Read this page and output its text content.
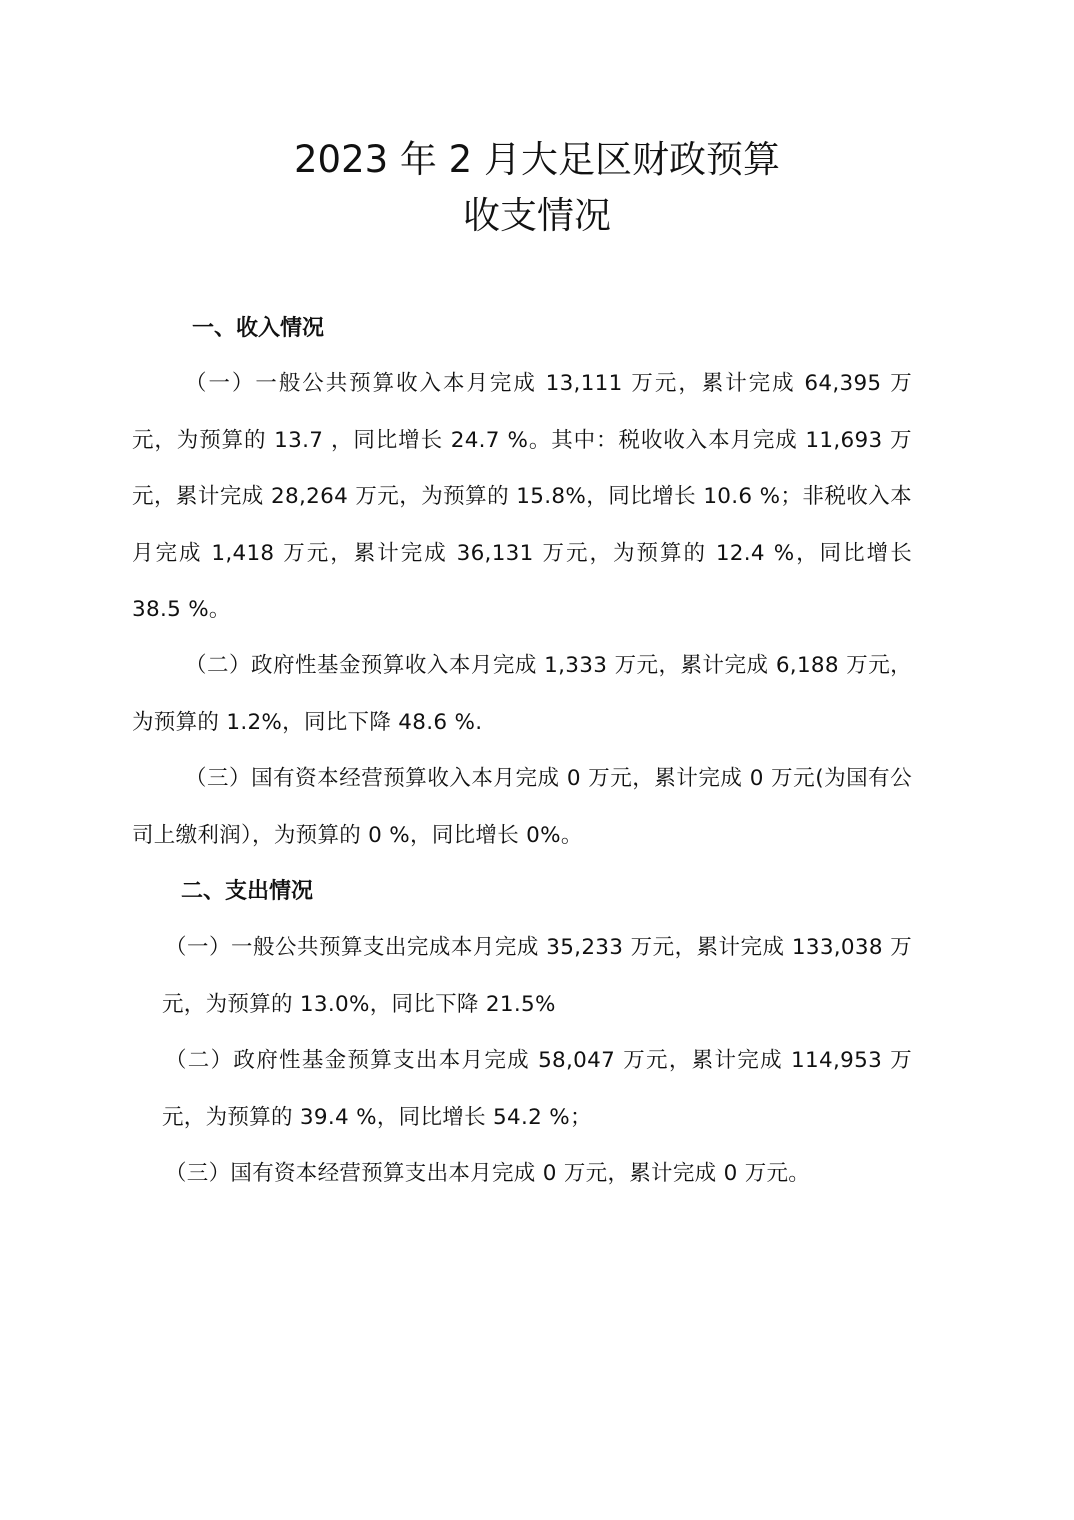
2023 年 2 月大足区财政预算
收支情况
一、收入情况
（一）一般公共预算收入本月完成 13,111 万元，累计完成 64,395 万元，为预算的 13.7 ，同比增长 24.7 %。其中：税收收入本月完成 11,693 万元，累计完成 28,264 万元，为预算的 15.8%，同比增长 10.6 %；非税收入本月完成 1,418 万元，累计完成 36,131 万元，为预算的 12.4 %，同比增长 38.5 %。
（二）政府性基金预算收入本月完成 1,333 万元，累计完成 6,188 万元，为预算的 1.2%，同比下降 48.6 %.
（三）国有资本经营预算收入本月完成 0 万元，累计完成 0 万元(为国有公司上缴利润），为预算的 0 %，同比增长 0%。
二、支出情况
（一）一般公共预算支出完成本月完成 35,233 万元，累计完成 133,038 万元，为预算的 13.0%，同比下降 21.5%
（二）政府性基金预算支出本月完成 58,047 万元，累计完成 114,953 万元，为预算的 39.4 %，同比增长 54.2 %；
（三）国有资本经营预算支出本月完成 0 万元，累计完成 0 万元。
